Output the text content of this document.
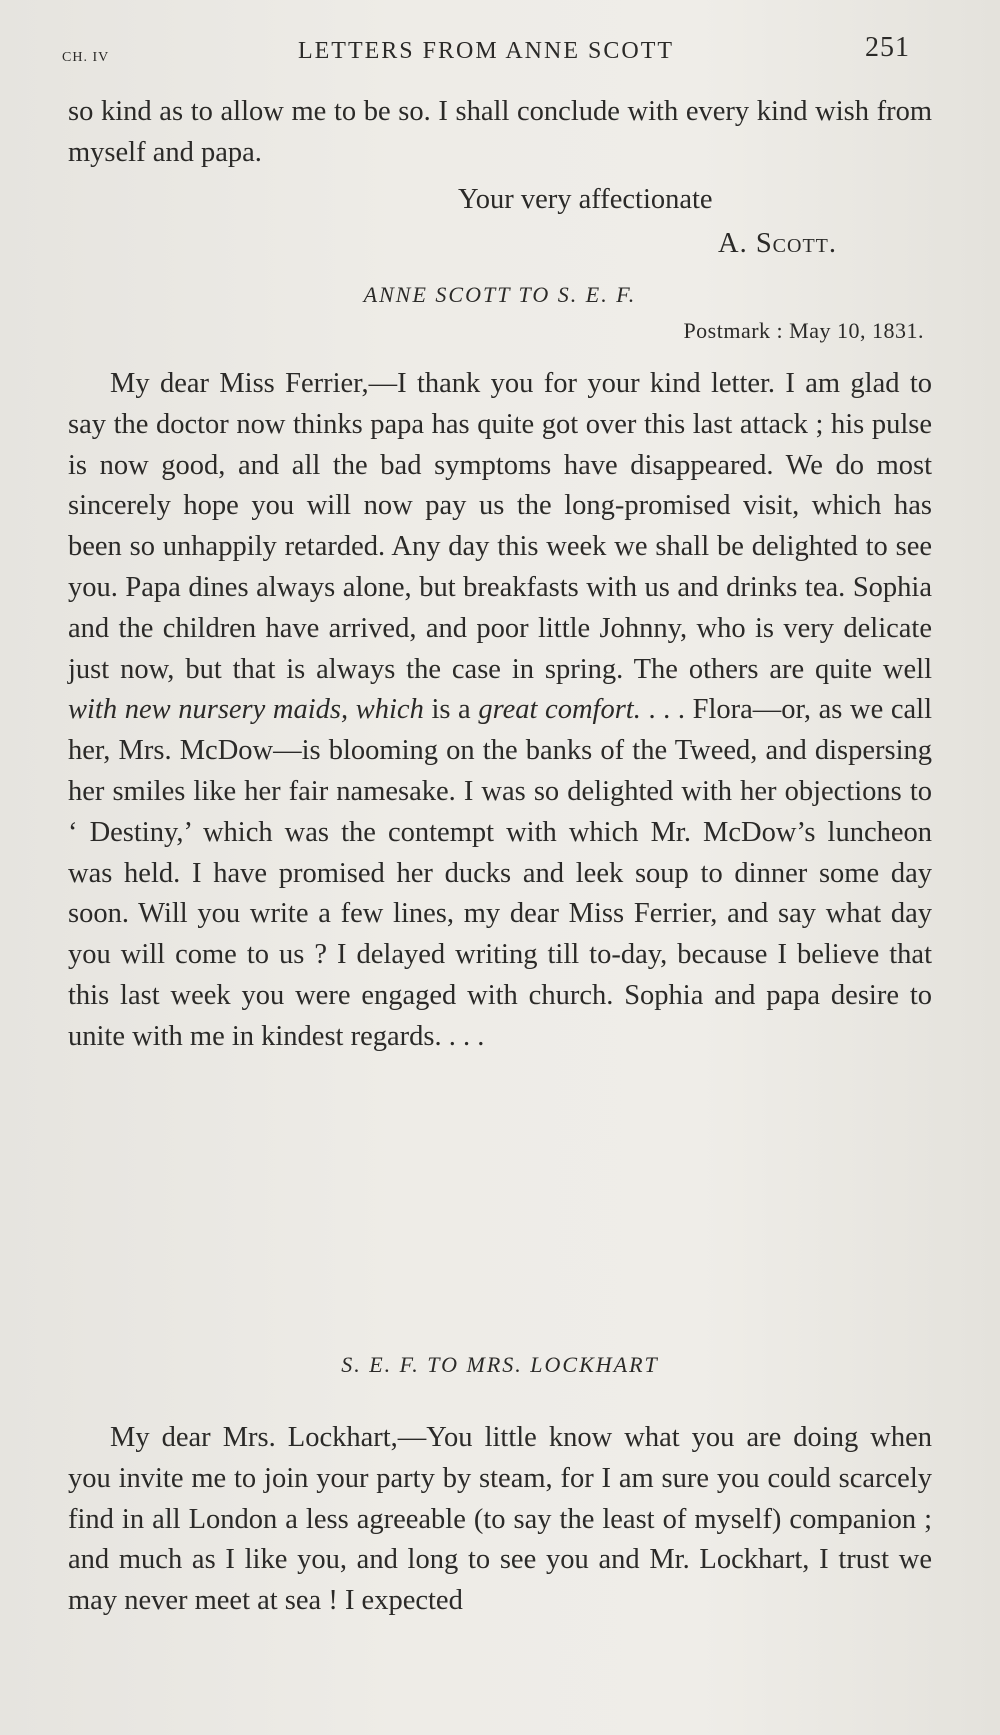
CH. IV	LETTERS FROM ANNE SCOTT	251

so kind as to allow me to be so. I shall conclude with every kind wish from myself and papa.

Your very affectionate
A. Scott.
ANNE SCOTT TO S. E. F.
Postmark : May 10, 1831.

My dear Miss Ferrier,—I thank you for your kind letter. I am glad to say the doctor now thinks papa has quite got over this last attack ; his pulse is now good, and all the bad symptoms have disappeared. We do most sincerely hope you will now pay us the long-promised visit, which has been so unhappily retarded. Any day this week we shall be delighted to see you. Papa dines always alone, but breakfasts with us and drinks tea. Sophia and the children have arrived, and poor little Johnny, who is very delicate just now, but that is always the case in spring. The others are quite well with new nursery maids, which is a great comfort. . . . Flora—or, as we call her, Mrs. McDow—is blooming on the banks of the Tweed, and dispersing her smiles like her fair namesake. I was so delighted with her objections to ‘ Destiny,’ which was the contempt with which Mr. McDow’s luncheon was held. I have promised her ducks and leek soup to dinner some day soon. Will you write a few lines, my dear Miss Ferrier, and say what day you will come to us ? I delayed writing till to-day, because I believe that this last week you were engaged with church. Sophia and papa desire to unite with me in kindest regards. . . .

S. E. F. TO MRS. LOCKHART

My dear Mrs. Lockhart,—You little know what you are doing when you invite me to join your party by steam, for I am sure you could scarcely find in all London a less agreeable (to say the least of myself) companion ; and much as I like you, and long to see you and Mr. Lockhart, I trust we may never meet at sea ! I expected
